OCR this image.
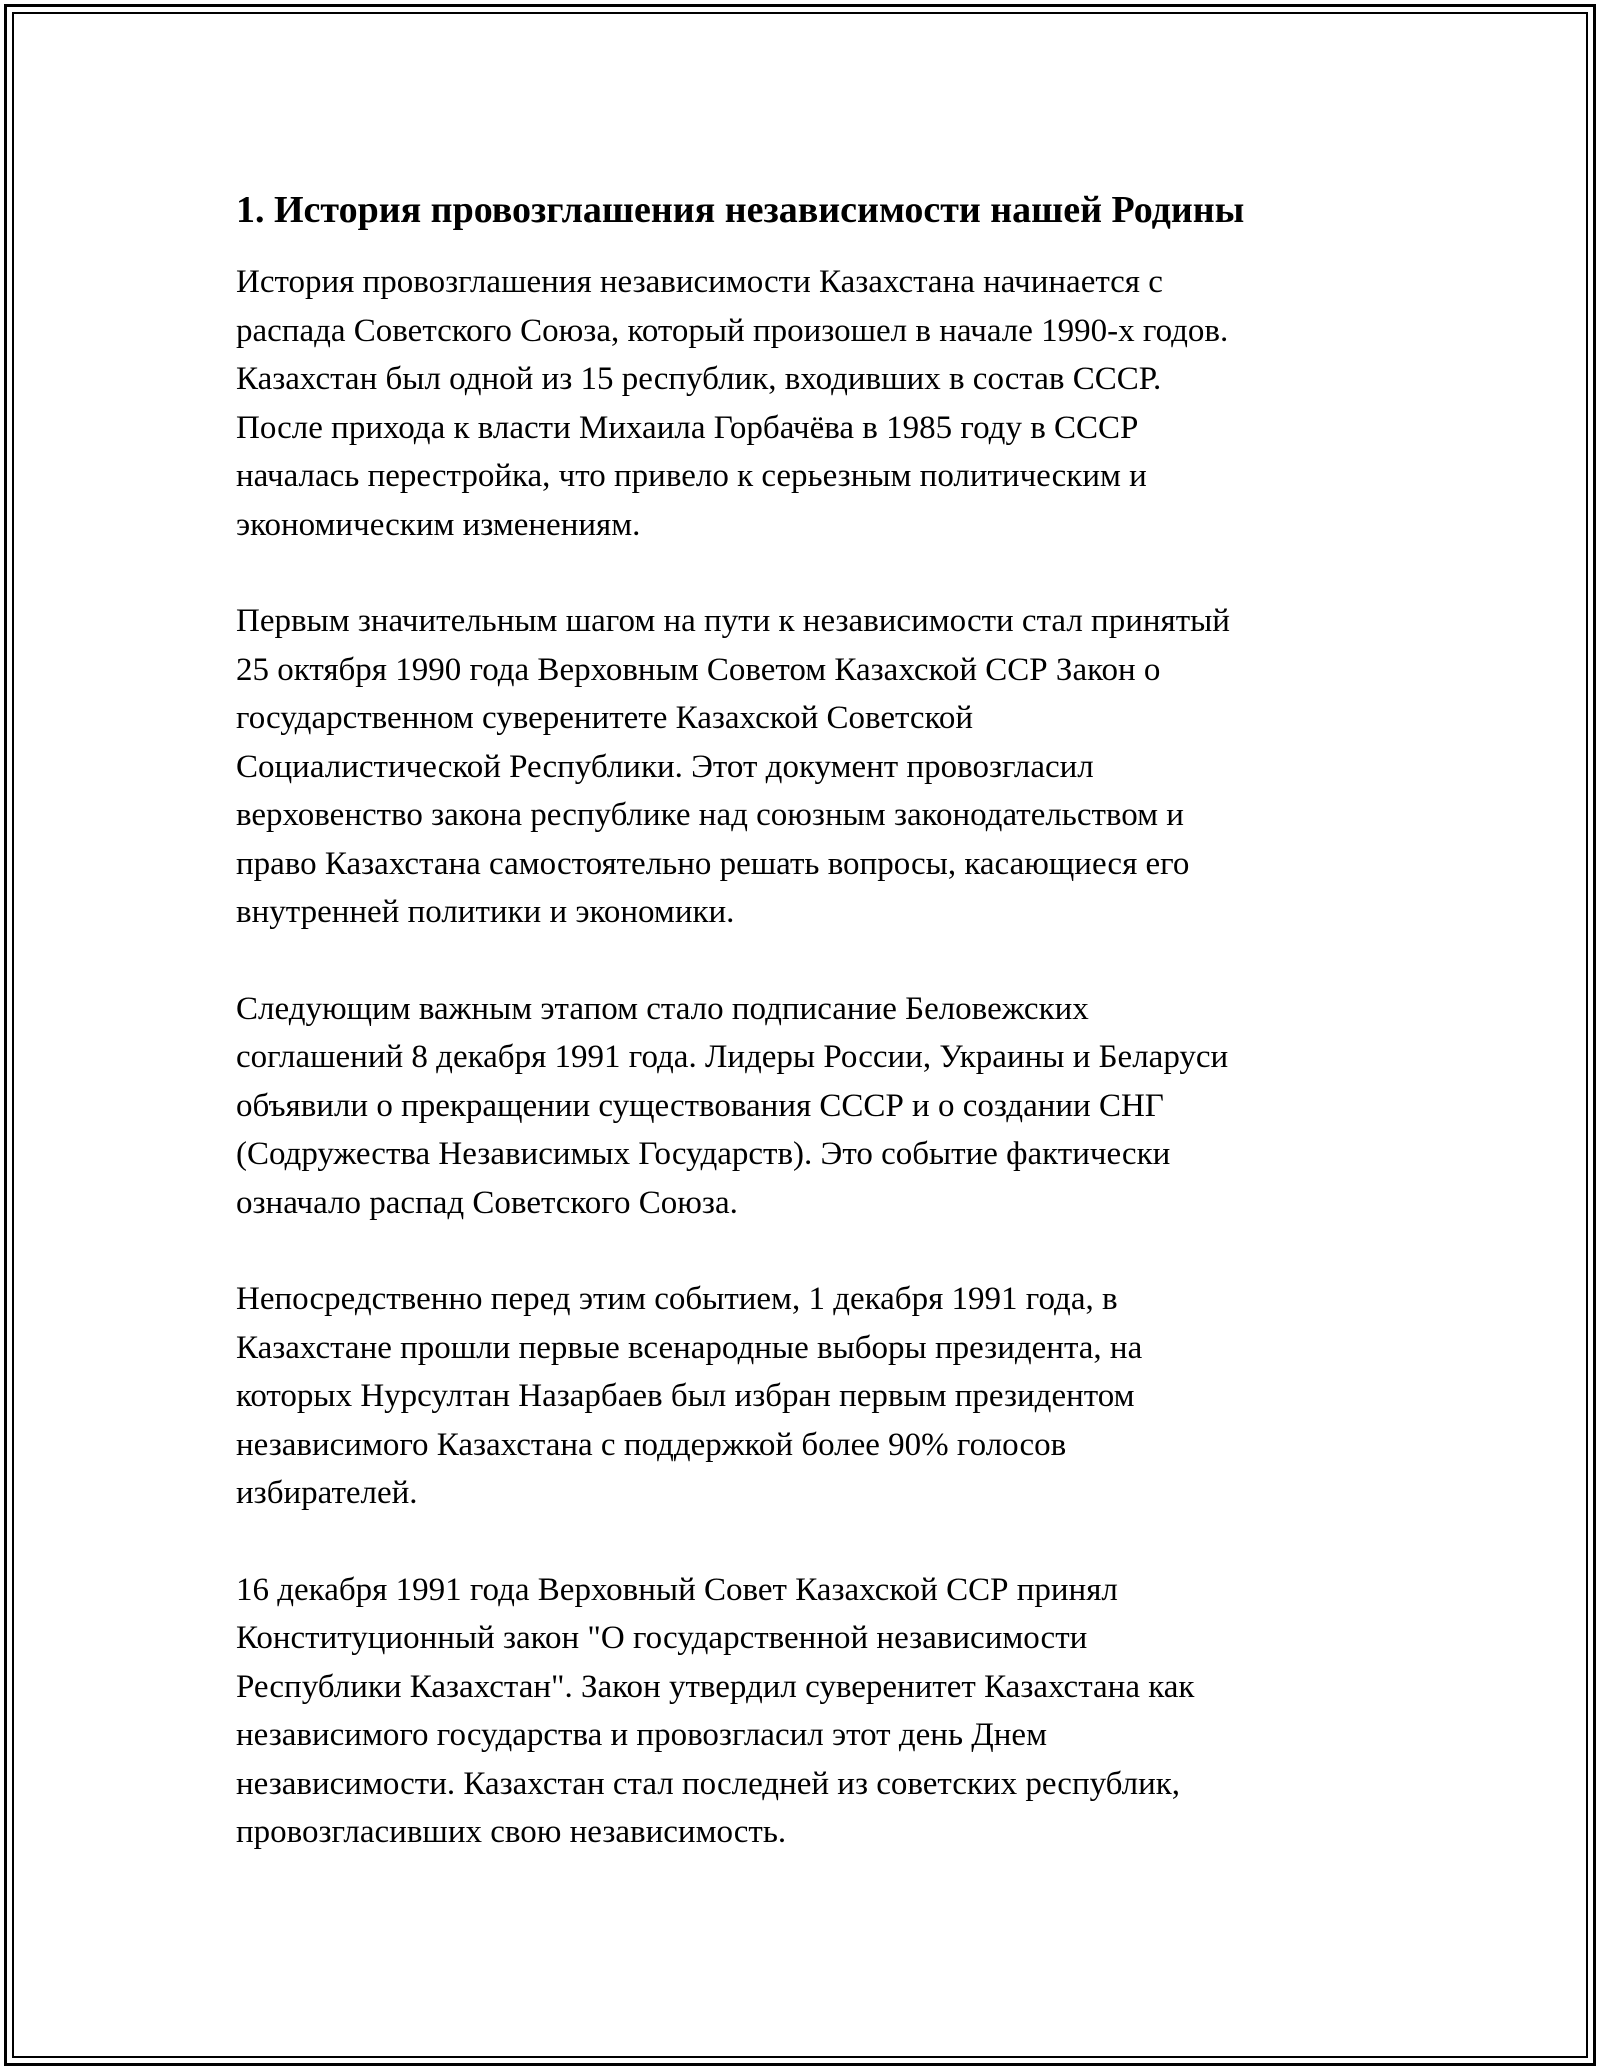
1. История провозглашения независимости нашей Родины

История провозглашения независимости Казахстана начинается с
распада Советского Союза, который произошел в начале 1990-х годов.
Казахстан был одной из 15 республик, входивших в состав СССР.
После прихода к власти Михаила Горбачёва в 1985 году в СССР
началась перестройка, что привело к серьезным политическим и
экономическим изменениям.

Первым значительным шагом на пути к независимости стал принятый
25 октября 1990 года Верховным Советом Казахской ССР Закон о
государственном суверенитете Казахской Советской
Социалистической Республики. Этот документ провозгласил
верховенство закона республике над союзным законодательством и
право Казахстана самостоятельно решать вопросы, касающиеся его
внутренней политики и экономики.

Следующим важным этапом стало подписание Беловежских
соглашений 8 декабря 1991 года. Лидеры России, Украины и Беларуси
объявили о прекращении существования СССР и о создании СНГ
(Содружества Независимых Государств). Это событие фактически
означало распад Советского Союза.

Непосредственно перед этим событием, 1 декабря 1991 года, в
Казахстане прошли первые всенародные выборы президента, на
которых Нурсултан Назарбаев был избран первым президентом
независимого Казахстана с поддержкой более 90% голосов
избирателей.

16 декабря 1991 года Верховный Совет Казахской ССР принял
Конституционный закон "О государственной независимости
Республики Казахстан". Закон утвердил суверенитет Казахстана как
независимого государства и провозгласил этот день Днем
независимости. Казахстан стал последней из советских республик,
провозгласивших свою независимость.
